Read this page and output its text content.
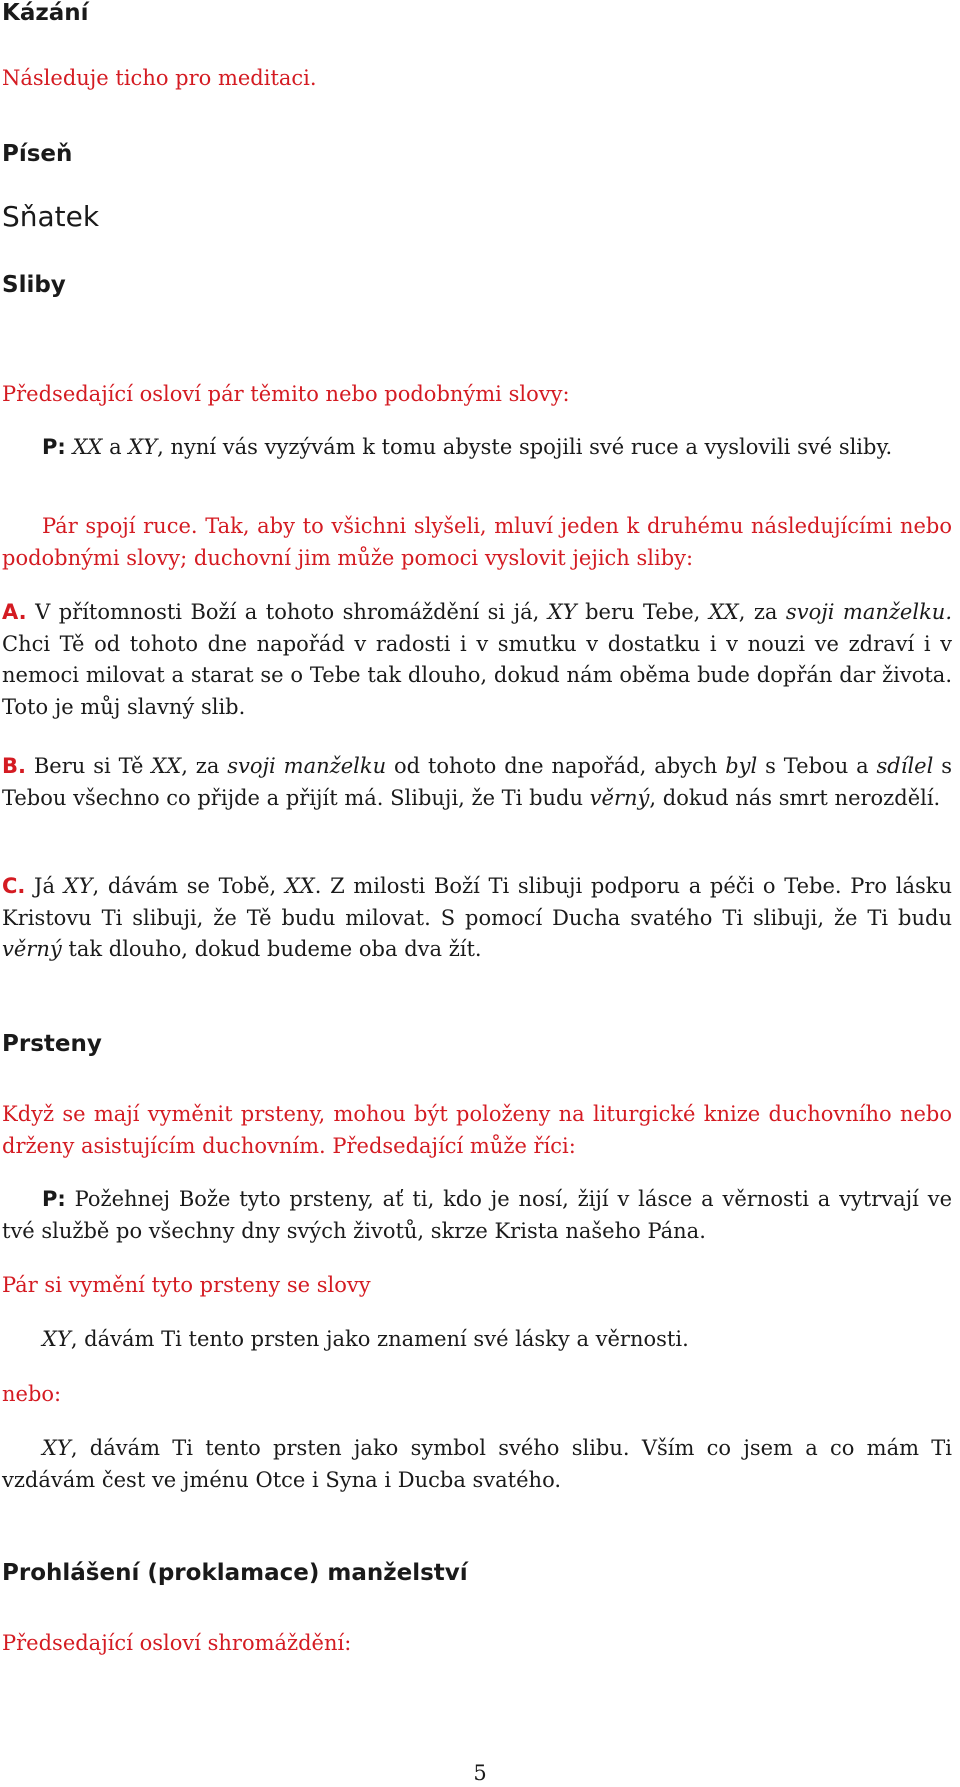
Kázání

Následuje ticho pro meditaci.

Píseň
Sňatek
Sliby

Předsedající osloví pár těmito nebo podobnými slovy:

P: XX a XY, nyní vás vyzývám k tomu abyste spojili své ruce a vyslovili své sliby.

Pár spojí ruce. Tak, aby to všichni slyšeli, mluví jeden k druhému následujícími nebo podobnými slovy; duchovní jim může pomoci vyslovit jejich sliby:

A. V přítomnosti Boží a tohoto shromáždění si já, XY beru Tebe, XX, za svoji manželku. Chci Tě od tohoto dne napořád v radosti i v smutku v dostatku i v nouzi ve zdraví i v nemoci milovat a starat se o Tebe tak dlouho, dokud nám oběma bude dopřán dar života. Toto je můj slavný slib.

B. Beru si Tě XX, za svoji manželku od tohoto dne napořád, abych byl s Tebou a sdílel s Tebou všechno co přijde a přijít má. Slibuji, že Ti budu věrný, dokud nás smrt nerozdělí.

C. Já XY, dávám se Tobě, XX. Z milosti Boží Ti slibuji podporu a péči o Tebe. Pro lásku Kristovu Ti slibuji, že Tě budu milovat. S pomocí Ducha svatého Ti slibuji, že Ti budu věrný tak dlouho, dokud budeme oba dva žít.

Prsteny

Když se mají vyměnit prsteny, mohou být položeny na liturgické knize duchovního nebo drženy asistujícím duchovním. Předsedající může říci:

P: Požehnej Bože tyto prsteny, ať ti, kdo je nosí, žijí v lásce a věrnosti a vytrvají ve tvé službě po všechny dny svých životů, skrze Krista našeho Pána.

Pár si vymění tyto prsteny se slovy

XY, dávám Ti tento prsten jako znamení své lásky a věrnosti.

nebo:

XY, dávám Ti tento prsten jako symbol svého slibu. Vším co jsem a co mám Ti vzdávám čest ve jménu Otce i Syna i Ducba svatého.

Prohlášení (proklamace) manželství

Předsedající osloví shromáždění:

5
